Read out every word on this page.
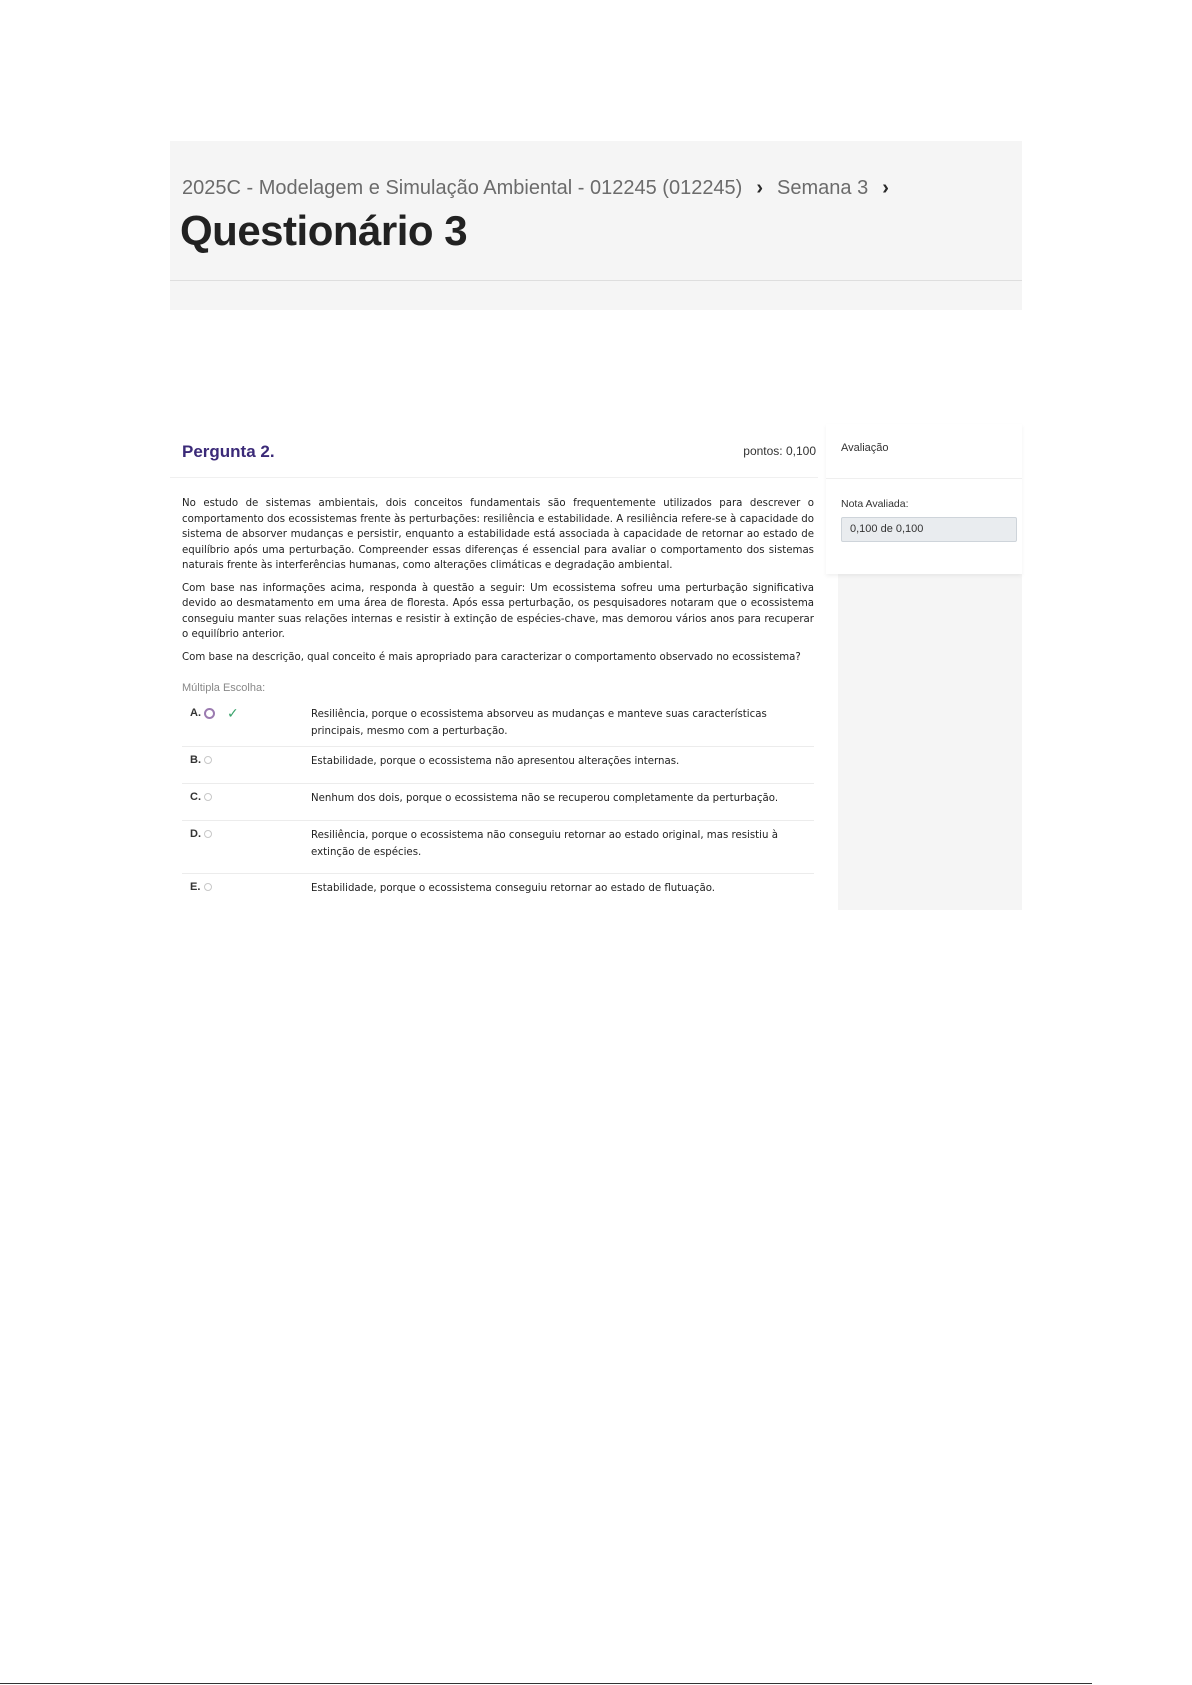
2025C - Modelagem e Simulação Ambiental - 012245 (012245) › Semana 3 ›
Questionário 3
Pergunta 2.	pontos: 0,100

No estudo de sistemas ambientais, dois conceitos fundamentais são frequentemente utilizados para descrever o comportamento dos ecossistemas frente às perturbações: resiliência e estabilidade. A resiliência refere-se à capacidade do sistema de absorver mudanças e persistir, enquanto a estabilidade está associada à capacidade de retornar ao estado de equilíbrio após uma perturbação. Compreender essas diferenças é essencial para avaliar o comportamento dos sistemas naturais frente às interferências humanas, como alterações climáticas e degradação ambiental.

Com base nas informações acima, responda à questão a seguir: Um ecossistema sofreu uma perturbação significativa devido ao desmatamento em uma área de floresta. Após essa perturbação, os pesquisadores notaram que o ecossistema conseguiu manter suas relações internas e resistir à extinção de espécies-chave, mas demorou vários anos para recuperar o equilíbrio anterior.

Com base na descrição, qual conceito é mais apropriado para caracterizar o comportamento observado no ecossistema?

Múltipla Escolha:
A. ✓	Resiliência, porque o ecossistema absorveu as mudanças e manteve suas características principais, mesmo com a perturbação.
B.	Estabilidade, porque o ecossistema não apresentou alterações internas.
C.	Nenhum dos dois, porque o ecossistema não se recuperou completamente da perturbação.
D.	Resiliência, porque o ecossistema não conseguiu retornar ao estado original, mas resistiu à extinção de espécies.
E.	Estabilidade, porque o ecossistema conseguiu retornar ao estado de flutuação.
Avaliação
Nota Avaliada:
0,100 de 0,100
